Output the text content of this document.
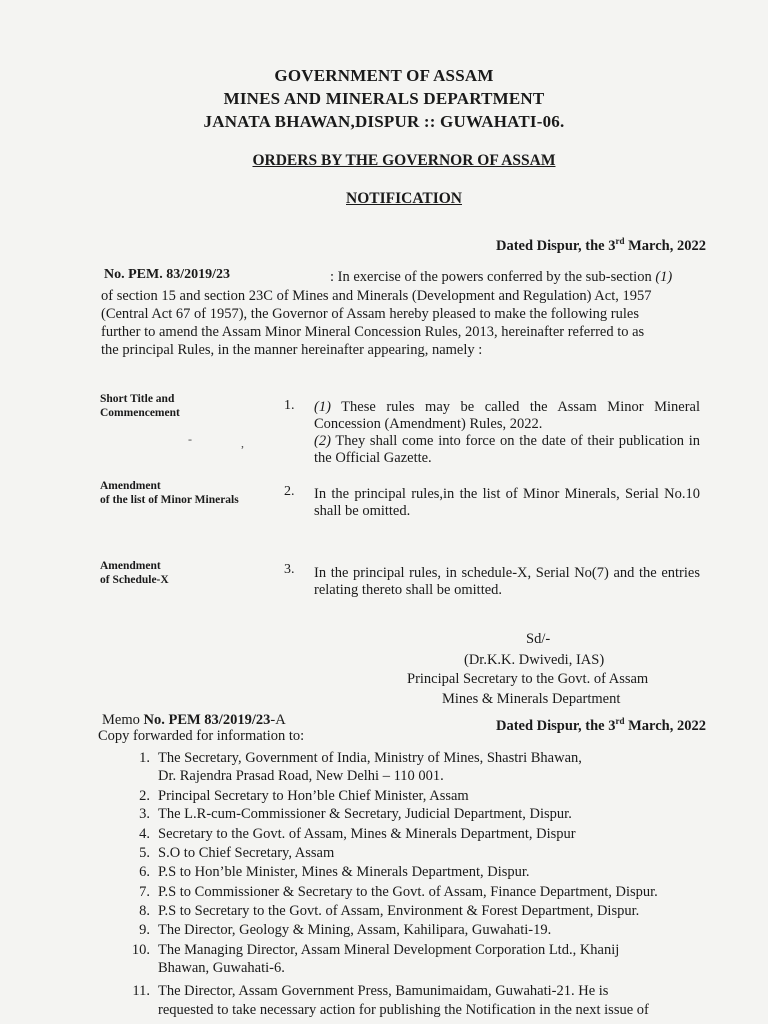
GOVERNMENT OF ASSAM
MINES AND MINERALS DEPARTMENT
JANATA BHAWAN,DISPUR :: GUWAHATI-06.
ORDERS BY THE GOVERNOR OF ASSAM
NOTIFICATION
Dated Dispur, the 3rd March, 2022
No. PEM. 83/2019/23	: In exercise of the powers conferred by the sub-section (1)
of section 15 and section 23C of Mines and Minerals (Development and Regulation) Act, 1957
(Central Act 67 of 1957), the Governor of Assam hereby pleased to make the following rules
further to amend the Assam Minor Mineral Concession Rules, 2013, hereinafter referred to as
the principal Rules, in the manner hereinafter appearing, namely :
Short Title and
Commencement	1. (1) These rules may be called the Assam Minor Mineral Concession (Amendment) Rules, 2022.
(2) They shall come into force on the date of their publication in the Official Gazette.
-	,
Amendment
of the list of Minor Minerals
2. In the principal rules,in the list of Minor Minerals, Serial No.10 shall be omitted.
Amendment
of Schedule-X
3. In the principal rules, in schedule-X, Serial No(7) and the entries relating thereto shall be omitted.
Sd/-
(Dr.K.K. Dwivedi, IAS)
Principal Secretary to the Govt. of Assam
Mines & Minerals Department
Memo No. PEM 83/2019/23-A	Dated Dispur, the 3rd March, 2022
Copy forwarded for information to:
1. The Secretary, Government of India, Ministry of Mines, Shastri Bhawan,
Dr. Rajendra Prasad Road, New Delhi – 110 001.
2. Principal Secretary to Hon’ble Chief Minister, Assam
3. The L.R-cum-Commissioner & Secretary, Judicial Department, Dispur.
4. Secretary to the Govt. of Assam, Mines & Minerals Department, Dispur
5. S.O to Chief Secretary, Assam
6. P.S to Hon’ble Minister, Mines & Minerals Department, Dispur.
7. P.S to Commissioner & Secretary to the Govt. of Assam, Finance Department, Dispur.
8. P.S to Secretary to the Govt. of Assam, Environment & Forest Department, Dispur.
9. The Director, Geology & Mining, Assam, Kahilipara, Guwahati-19.
10. The Managing Director, Assam Mineral Development Corporation Ltd., Khanij
Bhawan, Guwahati-6.
11. The Director, Assam Government Press, Bamunimaidam, Guwahati-21. He is
requested to take necessary action for publishing the Notification in the next issue of
